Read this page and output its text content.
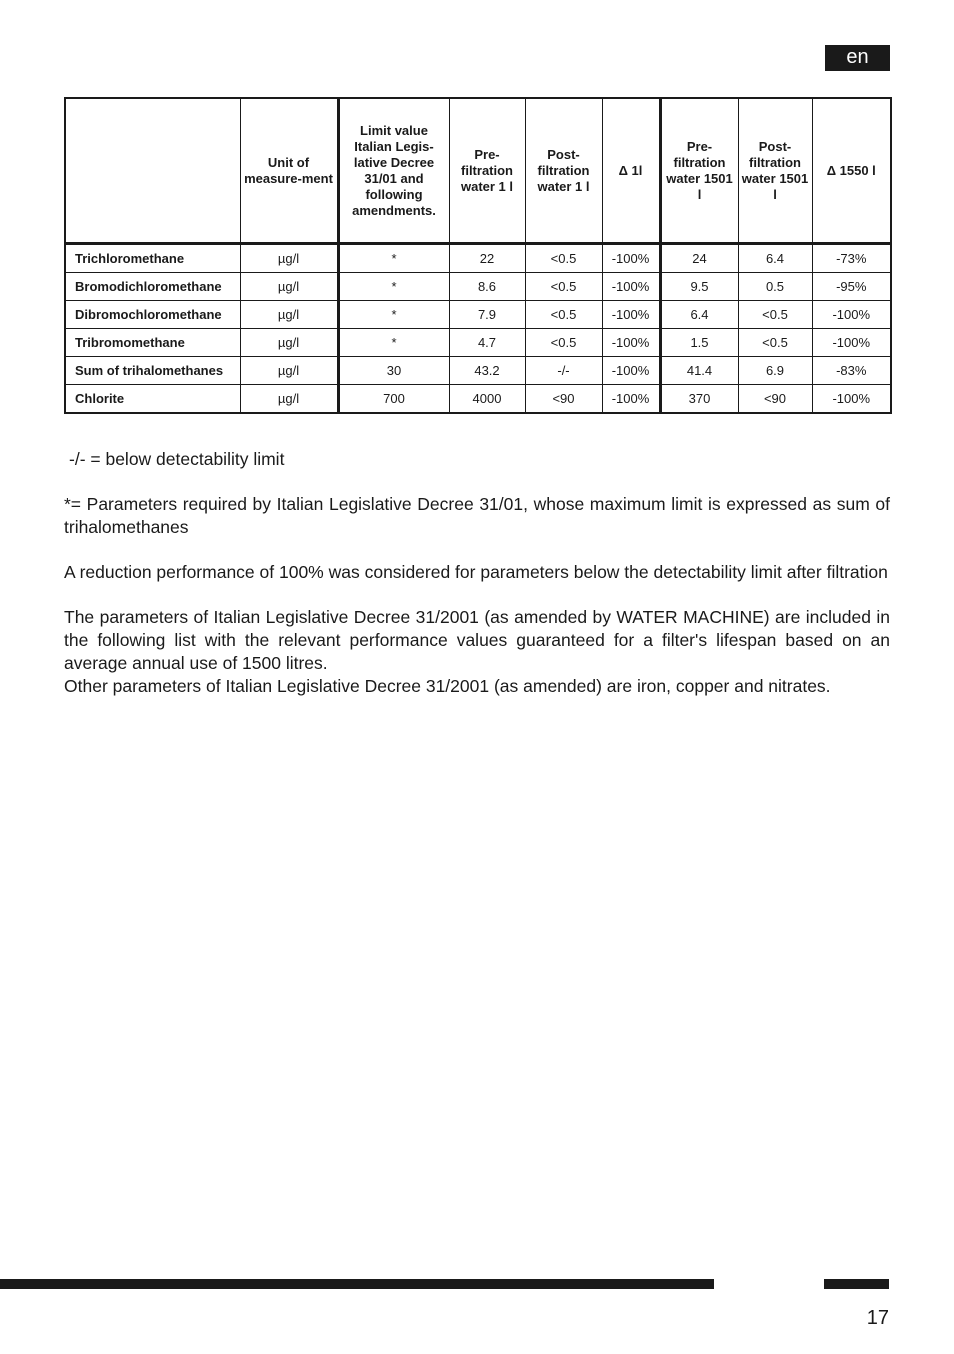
en
	Unit of measure-ment	Limit value Italian Legis-lative Decree 31/01 and following amendments.	Pre-filtration water 1 l	Post-filtration water 1 l	Δ 1l	Pre-filtration water 1501 l	Post-filtration water 1501 l	Δ 1550 l
Trichloromethane	µg/l	*	22	<0.5	-100%	24	6.4	-73%
Bromodichloromethane	µg/l	*	8.6	<0.5	-100%	9.5	0.5	-95%
Dibromochloromethane	µg/l	*	7.9	<0.5	-100%	6.4	<0.5	-100%
Tribromomethane	µg/l	*	4.7	<0.5	-100%	1.5	<0.5	-100%
Sum of trihalomethanes	µg/l	30	43.2	-/-	-100%	41.4	6.9	-83%
Chlorite	µg/l	700	4000	<90	-100%	370	<90	-100%

-/- = below detectability limit

*= Parameters required by Italian Legislative Decree 31/01, whose maximum limit is expressed as sum of trihalomethanes

A reduction performance of 100% was considered for parameters below the detectability limit after filtration

The parameters of Italian Legislative Decree 31/2001 (as amended by WATER MACHINE) are included in the following list with the relevant performance values guaranteed for a filter's lifespan based on an average annual use of 1500 litres.

Other parameters of Italian Legislative Decree 31/2001 (as amended) are iron, copper and nitrates.

17
